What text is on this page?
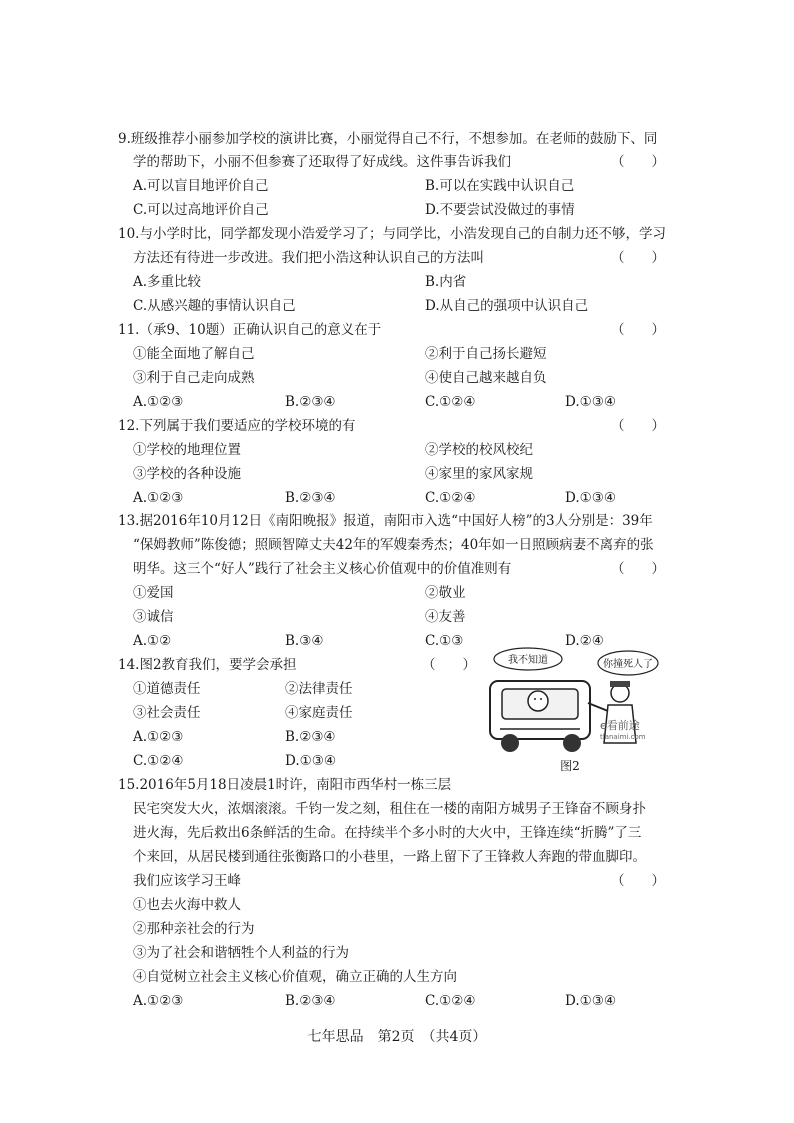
9.班级推荐小丽参加学校的演讲比赛，小丽觉得自己不行，不想参加。在老师的鼓励下、同
学的帮助下，小丽不但参赛了还取得了好成线。这件事告诉我们	（　　）
A.可以盲目地评价自己	B.可以在实践中认识自己
C.可以过高地评价自己	D.不要尝试没做过的事情
10.与小学时比，同学都发现小浩爱学习了；与同学比，小浩发现自己的自制力还不够，学习
方法还有待进一步改进。我们把小浩这种认识自己的方法叫	（　　）
A.多重比较	B.内省
C.从感兴趣的事情认识自己	D.从自己的强项中认识自己
11.（承9、10题）正确认识自己的意义在于	（　　）
①能全面地了解自己	②利于自己扬长避短
③利于自己走向成熟	④使自己越来越自负
A.①②③	B.②③④	C.①②④	D.①③④
12.下列属于我们要适应的学校环境的有	（　　）
①学校的地理位置	②学校的校风校纪
③学校的各种设施	④家里的家风家规
A.①②③	B.②③④	C.①②④	D.①③④
13.据2016年10月12日《南阳晚报》报道，南阳市入选“中国好人榜”的3人分别是：39年
“保姆教师”陈俊德；照顾智障丈夫42年的军嫂秦秀杰；40年如一日照顾病妻不离弃的张
明华。这三个“好人”践行了社会主义核心价值观中的价值准则有	（　　）
①爱国	②敬业
③诚信	④友善
A.①②	B.③④	C.①③	D.②④
14.图2教育我们，要学会承担	（　　）
①道德责任	②法律责任
③社会责任	④家庭责任
A.①②③	B.②③④
C.①②④	D.①③④
我不知道	你撞死人了
e看前途
tlanaimi.com
图2
15.2016年5月18日凌晨1时许，南阳市西华村一栋三层
民宅突发大火，浓烟滚滚。千钧一发之刻，租住在一楼的南阳方城男子王锋奋不顾身扑
进火海，先后救出6条鲜活的生命。在持续半个多小时的大火中，王锋连续“折腾”了三
个来回，从居民楼到通往张衡路口的小巷里，一路上留下了王锋救人奔跑的带血脚印。
我们应该学习王峰	（　　）
①也去火海中救人
②那种亲社会的行为
③为了社会和谐牺牲个人利益的行为
④自觉树立社会主义核心价值观，确立正确的人生方向
A.①②③	B.②③④	C.①②④	D.①③④
七年思品　第2页　（共4页）
